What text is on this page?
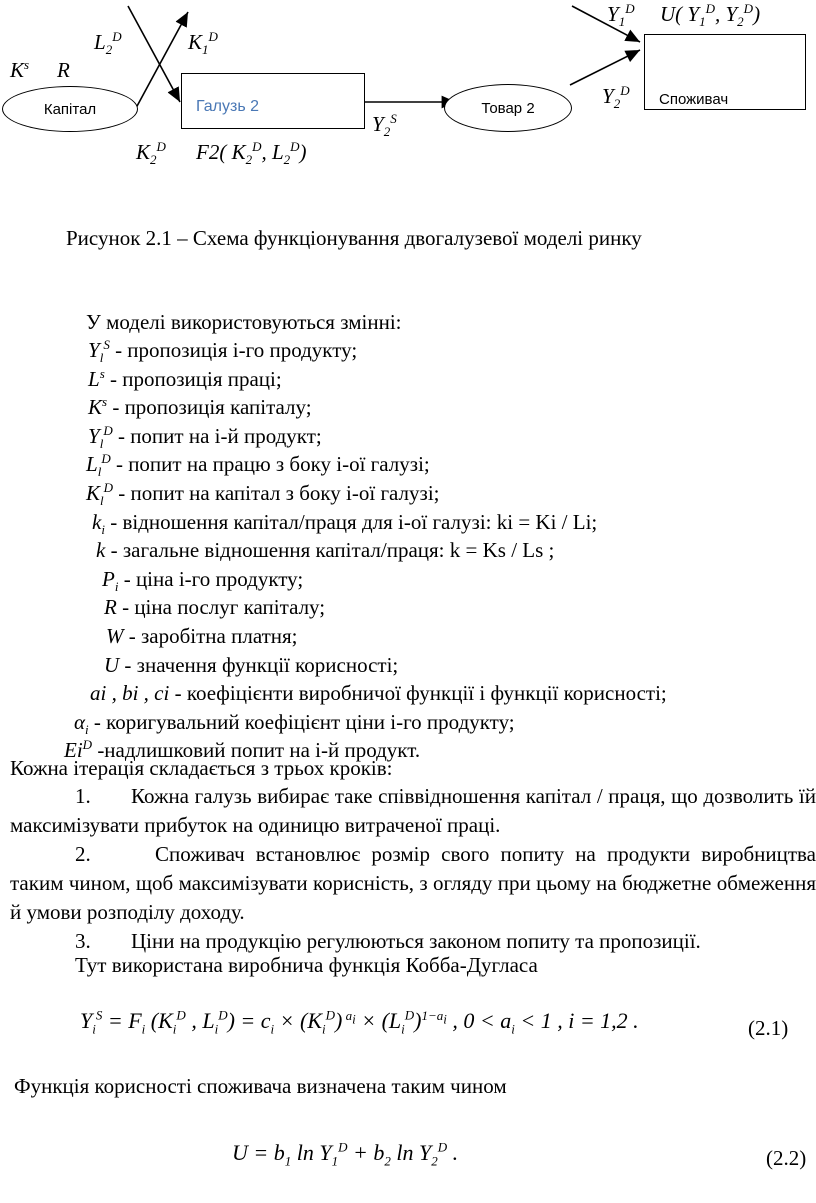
Капітал	Галузь 2	Товар 2	Споживач
$K^s$ R
$L_2^D$	$K_1^D$
$K_2^D$ F2( $K_2^D$, $L_2^D$)
$Y_2^S$
$Y_1^D$ U( $Y_1^D$, $Y_2^D$)
$Y_2^D$
Рисунок 2.1 – Схема функціонування двогалузевої моделі ринку
У моделі використовуються змінні:
$Y_l^S$ - пропозиція i-го продукту;
$L^s$ - пропозиція праці;
$K^s$ - пропозиція капіталу;
$Y_l^D$ - попит на i-й продукт;
$L_l^D$ - попит на працю з боку i-ої галузі;
$K_l^D$ - попит на капітал з боку i-ої галузі;
$k_i$ - відношення капітал/праця для i-ої галузі: ki = Ki / Li;
k - загальне відношення капітал/праця: k = Ks / Ls ;
$P_i$ - ціна i-го продукту;
R - ціна послуг капіталу;
W - заробітна платня;
U - значення функції корисності;
ai , bi , ci - коефіцієнти виробничої функції і функції корисності;
$\alpha_i$ - коригувальний коефіцієнт ціни i-го продукту;
$Ei^D$ -надлишковий попит на i-й продукт.
Кожна ітерація складається з трьох кроків:
1. Кожна галузь вибирає таке співвідношення капітал / праця, що дозволить їй максимізувати прибуток на одиницю витраченої праці.
2.	Споживач встановлює розмір свого попиту на продукти виробництва таким чином, щоб максимізувати корисність, з огляду при цьому на бюджетне обмеження й умови розподілу доходу.
3. Ціни на продукцію регулюються законом попиту та пропозиції.
Тут використана виробнича функція Кобба-Дугласа
$Y_i^S = F_i$ ($K_i^D$ , $L_i^D) = c_i \times (K_i^D)$ $^{a_i} \times (L_i^D)^{1-a_i}$ , $0 < a_i < 1$ , i = 1,2 .	(2.1)
Функція корисності споживача визначена таким чином
$U = b_1$ $\ln Y_1^D + b_2$ $\ln Y_2^D$ .	(2.2)
